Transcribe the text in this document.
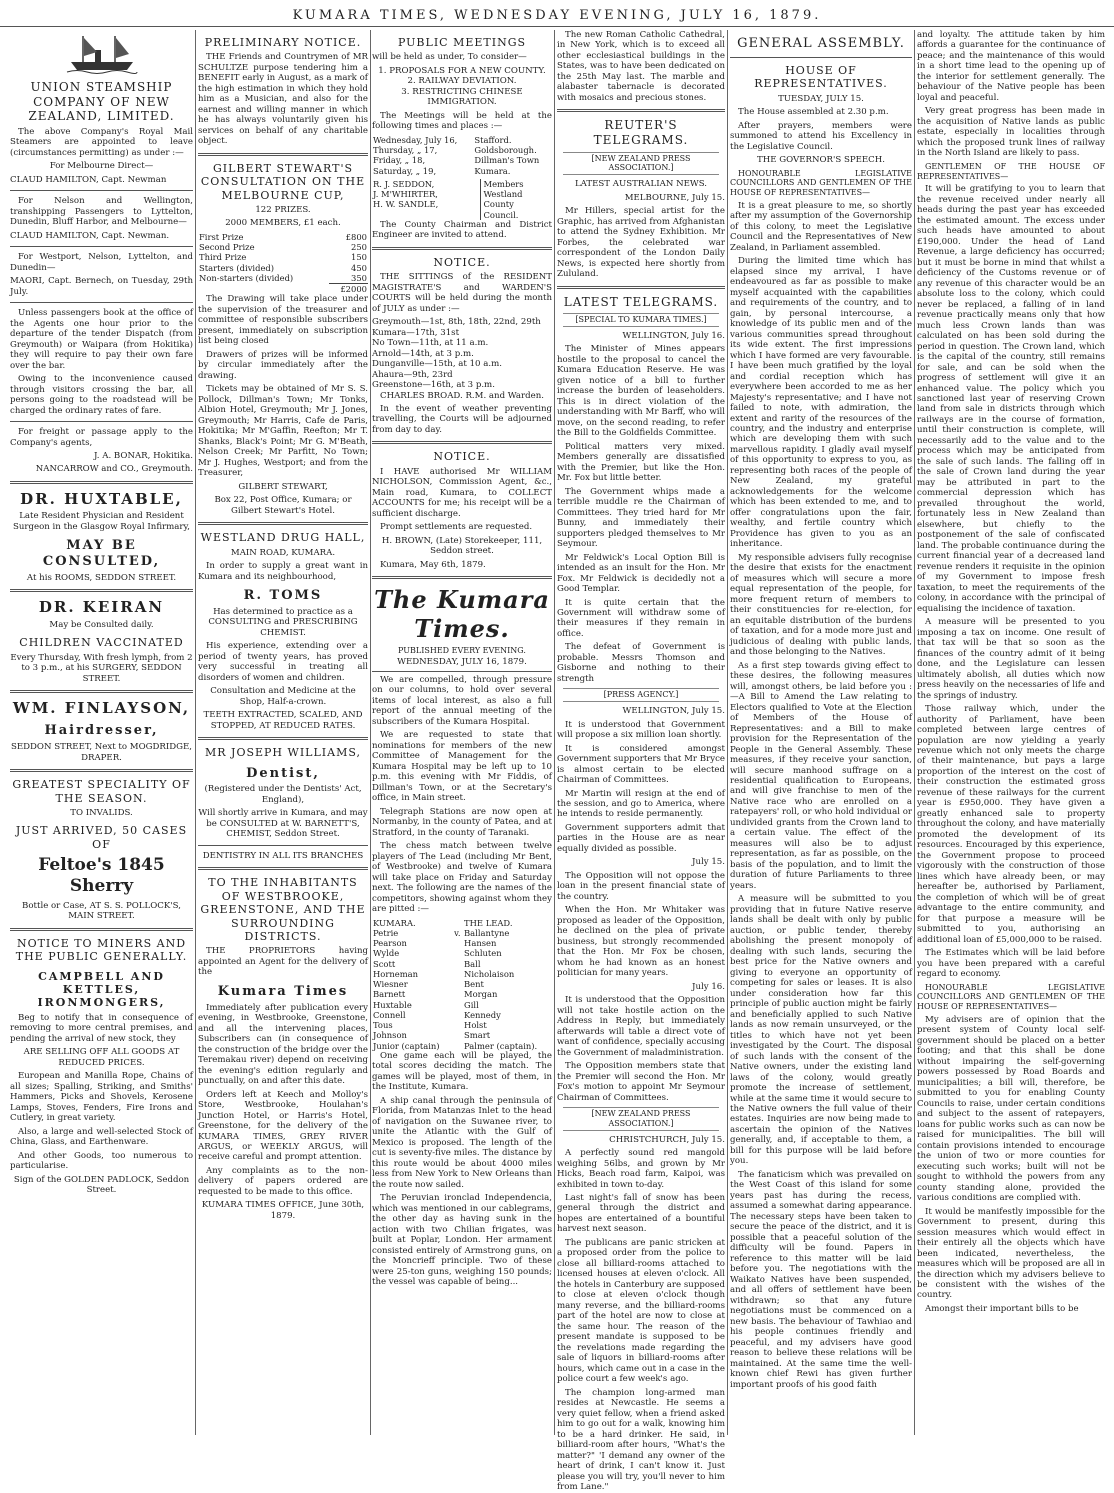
KUMARA TIMES, WEDNESDAY EVENING, JULY 16, 1879.

UNION STEAMSHIP COMPANY OF NEW ZEALAND, LIMITED.

The above Company's Royal Mail Steamers are appointed to leave (circumstances permitting) as under :—

For Melbourne Direct—

CLAUD HAMILTON, Capt. Newman

For Nelson and Wellington, transhipping Passengers to Lyttelton, Dunedin, Bluff Harbor, and Melbourne—

CLAUD HAMILTON, Capt. Newman.

For Westport, Nelson, Lyttelton, and Dunedin—

MAORI, Capt. Bernech, on Tuesday, 29th July.

Unless passengers book at the office of the Agents one hour prior to the departure of the tender Dispatch (from Greymouth) or Waipara (from Hokitika) they will require to pay their own fare over the bar.

Owing to the inconvenience caused through visitors crossing the bar, all persons going to the roadstead will be charged the ordinary rates of fare.

For freight or passage apply to the Company's agents,

J. A. BONAR, Hokitika.

NANCARROW and CO., Greymouth.

DR. HUXTABLE,

Late Resident Physician and Resident Surgeon in the Glasgow Royal Infirmary,

MAY BE CONSULTED,

At his ROOMS, SEDDON STREET.

DR. KEIRAN

May be Consulted daily.

CHILDREN VACCINATED

Every Thursday, With fresh lymph, from 2 to 3 p.m., at his SURGERY, SEDDON STREET.

WM. FINLAYSON,

Hairdresser,

SEDDON STREET, Next to MOGDRIDGE, DRAPER.

GREATEST SPECIALITY OF THE SEASON.

TO INVALIDS.

JUST ARRIVED, 50 CASES OF

Feltoe's 1845 Sherry

Bottle or Case, AT S. S. POLLOCK'S, MAIN STREET.

NOTICE TO MINERS AND THE PUBLIC GENERALLY.

CAMPBELL AND KETTLES, IRONMONGERS,

Beg to notify that in consequence of removing to more central premises, and pending the arrival of new stock, they

ARE SELLING OFF ALL GOODS AT REDUCED PRICES.

European and Manilla Rope, Chains of all sizes; Spalling, Striking, and Smiths' Hammers, Picks and Shovels, Kerosene Lamps, Stoves, Fenders, Fire Irons and Cutlery, in great variety.

Also, a large and well-selected Stock of China, Glass, and Earthenware.

And other Goods, too numerous to particularise.

Sign of the GOLDEN PADLOCK, Seddon Street.

PRELIMINARY NOTICE.

THE Friends and Countrymen of MR SCHULTZE purpose tendering him a BENEFIT early in August, as a mark of the high estimation in which they hold him as a Musician, and also for the earnest and willing manner in which he has always voluntarily given his services on behalf of any charitable object.

GILBERT STEWART'S CONSULTATION ON THE MELBOURNE CUP,

122 PRIZES.

2000 MEMBERS, £1 each.

First Prize	£800
Second Prize	250
Third Prize	150
Starters (divided)	450
Non-starters (divided)	350
	£2000

The Drawing will take place under the supervision of the treasurer and committee of responsible subscribers present, immediately on subscription list being closed

Drawers of prizes will be informed by circular immediately after the drawing.

Tickets may be obtained of Mr S. S. Pollock, Dillman's Town; Mr Tonks, Albion Hotel, Greymouth; Mr J. Jones, Greymouth; Mr Harris, Cafe de Paris, Hokitika; Mr M'Gaffin, Reefton; Mr T. Shanks, Black's Point; Mr G. M'Beath, Nelson Creek; Mr Parfitt, No Town; Mr J. Hughes, Westport; and from the Treasurer,

GILBERT STEWART,

Box 22, Post Office, Kumara; or Gilbert Stewart's Hotel.

WESTLAND DRUG HALL,

MAIN ROAD, KUMARA.

In order to supply a great want in Kumara and its neighbourhood,

R. TOMS

Has determined to practice as a CONSULTING and PRESCRIBING CHEMIST.

His experience, extending over a period of twenty years, has proved very successful in treating all disorders of women and children.

Consultation and Medicine at the Shop, Half-a-crown.

TEETH EXTRACTED, SCALED, AND STOPPED, AT REDUCED RATES.

MR JOSEPH WILLIAMS,

Dentist,

(Registered under the Dentists' Act, England),

Will shortly arrive in Kumara, and may be CONSULTED at W. BARNETT'S, CHEMIST, Seddon Street.

DENTISTRY IN ALL ITS BRANCHES

TO THE INHABITANTS OF WESTBROOKE, GREENSTONE, AND THE SURROUNDING DISTRICTS.

THE PROPRIETORS having appointed an Agent for the delivery of the

Kumara Times

Immediately after publication every evening, in Westbrooke, Greenstone, and all the intervening places, Subscribers can (in consequence of the construction of the bridge over the Teremakau river) depend on receiving the evening's edition regularly and punctually, on and after this date.

Orders left at Keech and Molloy's Store, Westbrooke, Houlahan's Junction Hotel, or Harris's Hotel, Greenstone, for the delivery of the KUMARA TIMES, GREY RIVER ARGUS, or WEEKLY ARGUS, will receive careful and prompt attention.

Any complaints as to the non-delivery of papers ordered are requested to be made to this office.

KUMARA TIMES OFFICE, June 30th, 1879.

PUBLIC MEETINGS

will be held as under, To consider—

1. PROPOSALS FOR A NEW COUNTY.
2. RAILWAY DEVIATION.
3. RESTRICTING CHINESE IMMIGRATION.

The Meetings will be held at the following times and places :—

Wednesday, July 16,	Stafford.
Thursday, „ 17,	Goldsborough.
Friday, „ 18,	Dillman's Town
Saturday, „ 19,	Kumara.
R. J. SEDDON,
J. M'WHIRTER,
H. W. SANDLE,
	Members Westland County Council.

The County Chairman and District Engineer are invited to attend.

NOTICE.

THE SITTINGS of the RESIDENT MAGISTRATE'S and WARDEN'S COURTS will be held during the month of JULY as under :—

Greymouth—1st, 8th, 18th, 22nd, 29th
Kumara—17th, 31st
No Town—11th, at 11 a.m.
Arnold—14th, at 3 p.m.
Dunganville—15th, at 10 a.m.
Ahaura—9th, 23rd
Greenstone—16th, at 3 p.m.

CHARLES BROAD. R.M. and Warden.

In the event of weather preventing travelling, the Courts will be adjourned from day to day.

NOTICE.

I HAVE authorised Mr WILLIAM NICHOLSON, Commission Agent, &c., Main road, Kumara, to COLLECT ACCOUNTS for me; his receipt will be a sufficient discharge.

Prompt settlements are requested.

H. BROWN, (Late) Storekeeper, 111, Seddon street.

Kumara, May 6th, 1879.

The Kumara Times.

PUBLISHED EVERY EVENING.

WEDNESDAY, JULY 16, 1879.

We are compelled, through pressure on our columns, to hold over several items of local interest, as also a full report of the annual meeting of the subscribers of the Kumara Hospital.

We are requested to state that nominations for members of the new Committee of Management for the Kumara Hospital may be left up to 10 p.m. this evening with Mr Fiddis, of Dillman's Town, or at the Secretary's office, in Main street.

Telegraph Stations are now open at Normanby, in the county of Patea, and at Stratford, in the county of Taranaki.

The chess match between twelve players of The Lead (including Mr Bent, of Westbrooke) and twelve of Kumara will take place on Friday and Saturday next. The following are the names of the competitors, showing against whom they are pitted :—

KUMARA.		THE LEAD.
Petrie	v.	Ballantyne
Pearson		Hansen
Wylde		Schluten
Scott		Ball
Horneman		Nicholaison
Wiesner		Bent
Barnett		Morgan
Huxtable		Gill
Connell		Kennedy
Tous		Holst
Johnson		Smart
Junior (captain)		Palmer (captain).

One game each will be played, the total scores deciding the match. The games will be played, most of them, in the Institute, Kumara.

A ship canal through the peninsula of Florida, from Matanzas Inlet to the head of navigation on the Suwanee river, to unite the Atlantic with the Gulf of Mexico is proposed. The length of the cut is seventy-five miles. The distance by this route would be about 4000 miles less from New York to New Orleans than the route now sailed.

The Peruvian ironclad Independencia, which was mentioned in our cablegrams, the other day as having sunk in the action with two Chilian frigates, was built at Poplar, London. Her armament consisted entirely of Armstrong guns, on the Moncrieff principle. Two of these were 25-ton guns, weighing 150 pounds; the vessel was capable of being...

The new Roman Catholic Cathedral, in New York, which is to exceed all other ecclesiastical buildings in the States, was to have been dedicated on the 25th May last. The marble and alabaster tabernacle is decorated with mosaics and precious stones.

REUTER'S TELEGRAMS.

[NEW ZEALAND PRESS ASSOCIATION.]

LATEST AUSTRALIAN NEWS.

MELBOURNE, July 15.

Mr Hillers, special artist for the Graphic, has arrived from Afghanistan to attend the Sydney Exhibition. Mr Forbes, the celebrated war correspondent of the London Daily News, is expected here shortly from Zululand.

LATEST TELEGRAMS.

[SPECIAL TO KUMARA TIMES.]

WELLINGTON, July 16.

The Minister of Mines appears hostile to the proposal to cancel the Kumara Education Reserve. He was given notice of a bill to further increase the burden of leaseholders. This is in direct violation of the understanding with Mr Barff, who will move, on the second reading, to refer the Bill to the Goldfields Committee.

Political matters very mixed. Members generally are dissatisfied with the Premier, but like the Hon. Mr. Fox but little better.

The Government whips made a terrible muddle re the Chairman of Committees. They tried hard for Mr Bunny, and immediately their supporters pledged themselves to Mr Seymour.

Mr Feldwick's Local Option Bill is intended as an insult for the Hon. Mr Fox. Mr Feldwick is decidedly not a Good Templar.

It is quite certain that the Government will withdraw some of their measures if they remain in office.

The defeat of Government is probable. Messrs Thomson and Gisborne and nothing to their strength

[PRESS AGENCY.]

WELLINGTON, July 15.

It is understood that Government will propose a six million loan shortly.

It is considered amongst Government supporters that Mr Bryce is almost certain to be elected Chairman of Committees.

Mr Martin will resign at the end of the session, and go to America, where he intends to reside permanently.

Government supporters admit that parties in the House are as near equally divided as possible.

July 15.

The Opposition will not oppose the loan in the present financial state of the country.

When the Hon. Mr Whitaker was proposed as leader of the Opposition, he declined on the plea of private business, but strongly recommended that the Hon. Mr Fox be chosen, whom he had known as an honest politician for many years.

July 16.

It is understood that the Opposition will not take hostile action on the Address in Reply, but immediately afterwards will table a direct vote of want of confidence, specially accusing the Government of maladministration.

The Opposition members state that the Premier will second the Hon. Mr Fox's motion to appoint Mr Seymour Chairman of Committees.

[NEW ZEALAND PRESS ASSOCIATION.]

CHRISTCHURCH, July 15.

A perfectly sound red mangold weighing 56lbs, and grown by Mr Hicks, Beach road farm, Kaipoi, was exhibited in town to-day.

Last night's fall of snow has been general through the district and hopes are entertained of a bountiful harvest next season.

The publicans are panic stricken at a proposed order from the police to close all billiard-rooms attached to licensed houses at eleven o'clock. All the hotels in Canterbury are supposed to close at eleven o'clock though many reverse, and the billiard-rooms part of the hotel are now to close at the same hour. The reason of the present mandate is supposed to be the revelations made regarding the sale of liquors in billiard-rooms after hours, which came out in a case in the police court a few week's ago.

The champion long-armed man resides at Newcastle. He seems a very quiet fellow, when a friend asked him to go out for a walk, knowing him to be a hard drinker. He said, in billiard-room after hours, "What's the matter?" 'I demand any owner of the heart of drink, I can't know it. Just please you will try, you'll never to him from Lane."

GENERAL ASSEMBLY.

HOUSE OF REPRESENTATIVES.

TUESDAY, JULY 15.

The House assembled at 2.30 p.m.

After prayers, members were summoned to attend his Excellency in the Legislative Council.

THE GOVERNOR'S SPEECH.

HONOURABLE LEGISLATIVE COUNCILLORS AND GENTLEMEN OF THE HOUSE OF REPRESENTATIVES—

It is a great pleasure to me, so shortly after my assumption of the Governorship of this colony, to meet the Legislative Council and the Representatives of New Zealand, in Parliament assembled.

During the limited time which has elapsed since my arrival, I have endeavoured as far as possible to make myself acquainted with the capabilities and requirements of the country, and to gain, by personal intercourse, a knowledge of its public men and of the various communities spread throughout its wide extent. The first impressions which I have formed are very favourable. I have been much gratified by the loyal and cordial reception which has everywhere been accorded to me as her Majesty's representative; and I have not failed to note, with admiration, the extent and rarity of the resources of the country, and the industry and enterprise which are developing them with such marvellous rapidity. I gladly avail myself of this opportunity to express to you, as representing both races of the people of New Zealand, my grateful acknowledgements for the welcome which has been extended to me, and to offer congratulations upon the fair, wealthy, and fertile country which Providence has given to you as an inheritance.

My responsible advisers fully recognise the desire that exists for the enactment of measures which will secure a more equal representation of the people, for more frequent return of members to their constituencies for re-election, for an equitable distribution of the burdens of taxation, and for a mode more just and judicious of dealing with public lands, and those belonging to the Natives.

As a first step towards giving effect to these desires, the following measures will, amongst others, be laid before you :—A Bill to Amend the Law relating to Electors qualified to Vote at the Election of Members of the House of Representatives: and a Bill to make provision for the Representation of the People in the General Assembly. These measures, if they receive your sanction, will secure manhood suffrage on a residential qualification to Europeans, and will give franchise to men of the Native race who are enrolled on a ratepayers' roll, or who hold individual or undivided grants from the Crown land to a certain value. The effect of the measures will also be to adjust representation, as far as possible, on the basis of the population, and to limit the duration of future Parliaments to three years.

A measure will be submitted to you providing that in future Native reserve lands shall be dealt with only by public auction, or public tender, thereby abolishing the present monopoly of dealing with such lands, securing the best price for the Native owners and giving to everyone an opportunity of competing for sales or leases. It is also under consideration how far this principle of public auction might be fairly and beneficially applied to such Native lands as now remain unsurveyed, or the titles to which have not yet been investigated by the Court. The disposal of such lands with the consent of the Native owners, under the existing land laws of the colony, would greatly promote the increase of settlement, while at the same time it would secure to the Native owners the full value of their estates. Inquiries are now being made to ascertain the opinion of the Natives generally, and, if acceptable to them, a bill for this purpose will be laid before you.

The fanaticism which was prevailed on the West Coast of this island for some years past has during the recess, assumed a somewhat daring appearance. The necessary steps have been taken to secure the peace of the district, and it is possible that a peaceful solution of the difficulty will be found. Papers in reference to this matter will be laid before you. The negotiations with the Waikato Natives have been suspended, and all offers of settlement have been withdrawn; so that any future negotiations must be commenced on a new basis. The behaviour of Tawhiao and his people continues friendly and peaceful, and my advisers have good reason to believe these relations will be maintained. At the same time the well-known chief Rewi has given further important proofs of his good faith

and loyalty. The attitude taken by him affords a guarantee for the continuance of peace; and the maintenance of this would in a short time lead to the opening up of the interior for settlement generally. The behaviour of the Native people has been loyal and peaceful.

Very great progress has been made in the acquisition of Native lands as public estate, especially in localities through which the proposed trunk lines of railway in the North Island are likely to pass.

GENTLEMEN OF THE HOUSE OF REPRESENTATIVES—

It will be gratifying to you to learn that the revenue received under nearly all heads during the past year has exceeded the estimated amount. The excess under such heads have amounted to about £190,000. Under the head of Land Revenue, a large deficiency has occurred; but it must be borne in mind that whilst a deficiency of the Customs revenue or of any revenue of this character would be an absolute loss to the colony, which could never be replaced, a falling of in land revenue practically means only that how much less Crown lands than was calculated on has been sold during the period in question. The Crown land, which is the capital of the country, still remains for sale, and can be sold when the progress of settlement will give it an enhanced value. The policy which you sanctioned last year of reserving Crown land from sale in districts through which railways are in the course of formation, until their construction is complete, will necessarily add to the value and to the process which may be anticipated from the sale of such lands. The falling off in the sale of Crown land during the year may be attributed in part to the commercial depression which has prevailed throughout the world, fortunately less in New Zealand than elsewhere, but chiefly to the postponement of the sale of confiscated land. The probable continuance during the current financial year of a decreased land revenue renders it requisite in the opinion of my Government to impose fresh taxation, to meet the requirements of the colony, in accordance with the principal of equalising the incidence of taxation.

A measure will be presented to you imposing a tax on income. One result of that tax will be that so soon as the finances of the country admit of it being done, and the Legislature can lessen ultimately abolish, all duties which now press heavily on the necessaries of life and the springs of industry.

Those railway which, under the authority of Parliament, have been completed between large centres of population are now yielding a yearly revenue which not only meets the charge of their maintenance, but pays a large proportion of the interest on the cost of their construction the estimated gross revenue of these railways for the current year is £950,000. They have given a greatly enhanced sale to property throughout the colony, and have materially promoted the development of its resources. Encouraged by this experience, the Government propose to proceed vigorously with the construction of those lines which have already been, or may hereafter be, authorised by Parliament, the completion of which will be of great advantage to the entire community, and for that purpose a measure will be submitted to you, authorising an additional loan of £5,000,000 to be raised.

The Estimates which will be laid before you have been prepared with a careful regard to economy.

HONOURABLE LEGISLATIVE COUNCILLORS AND GENTLEMEN OF THE HOUSE OF REPRESENTATIVES—

My advisers are of opinion that the present system of County local self-government should be placed on a better footing; and that this shall be done without impairing the self-governing powers possessed by Road Boards and municipalities; a bill will, therefore, be submitted to you for enabling County Councils to raise, under certain conditions and subject to the assent of ratepayers, loans for public works such as can now be raised for municipalities. The bill will contain provisions intended to encourage the union of two or more counties for executing such works; built will not be sought to withhold the powers from any county standing alone, provided the various conditions are complied with.

It would be manifestly impossible for the Government to present, during this session measures which would effect in their entirely all the objects which have been indicated, nevertheless, the measures which will be proposed are all in the direction which my advisers believe to be consistent with the wishes of the country.

Amongst their important bills to be
